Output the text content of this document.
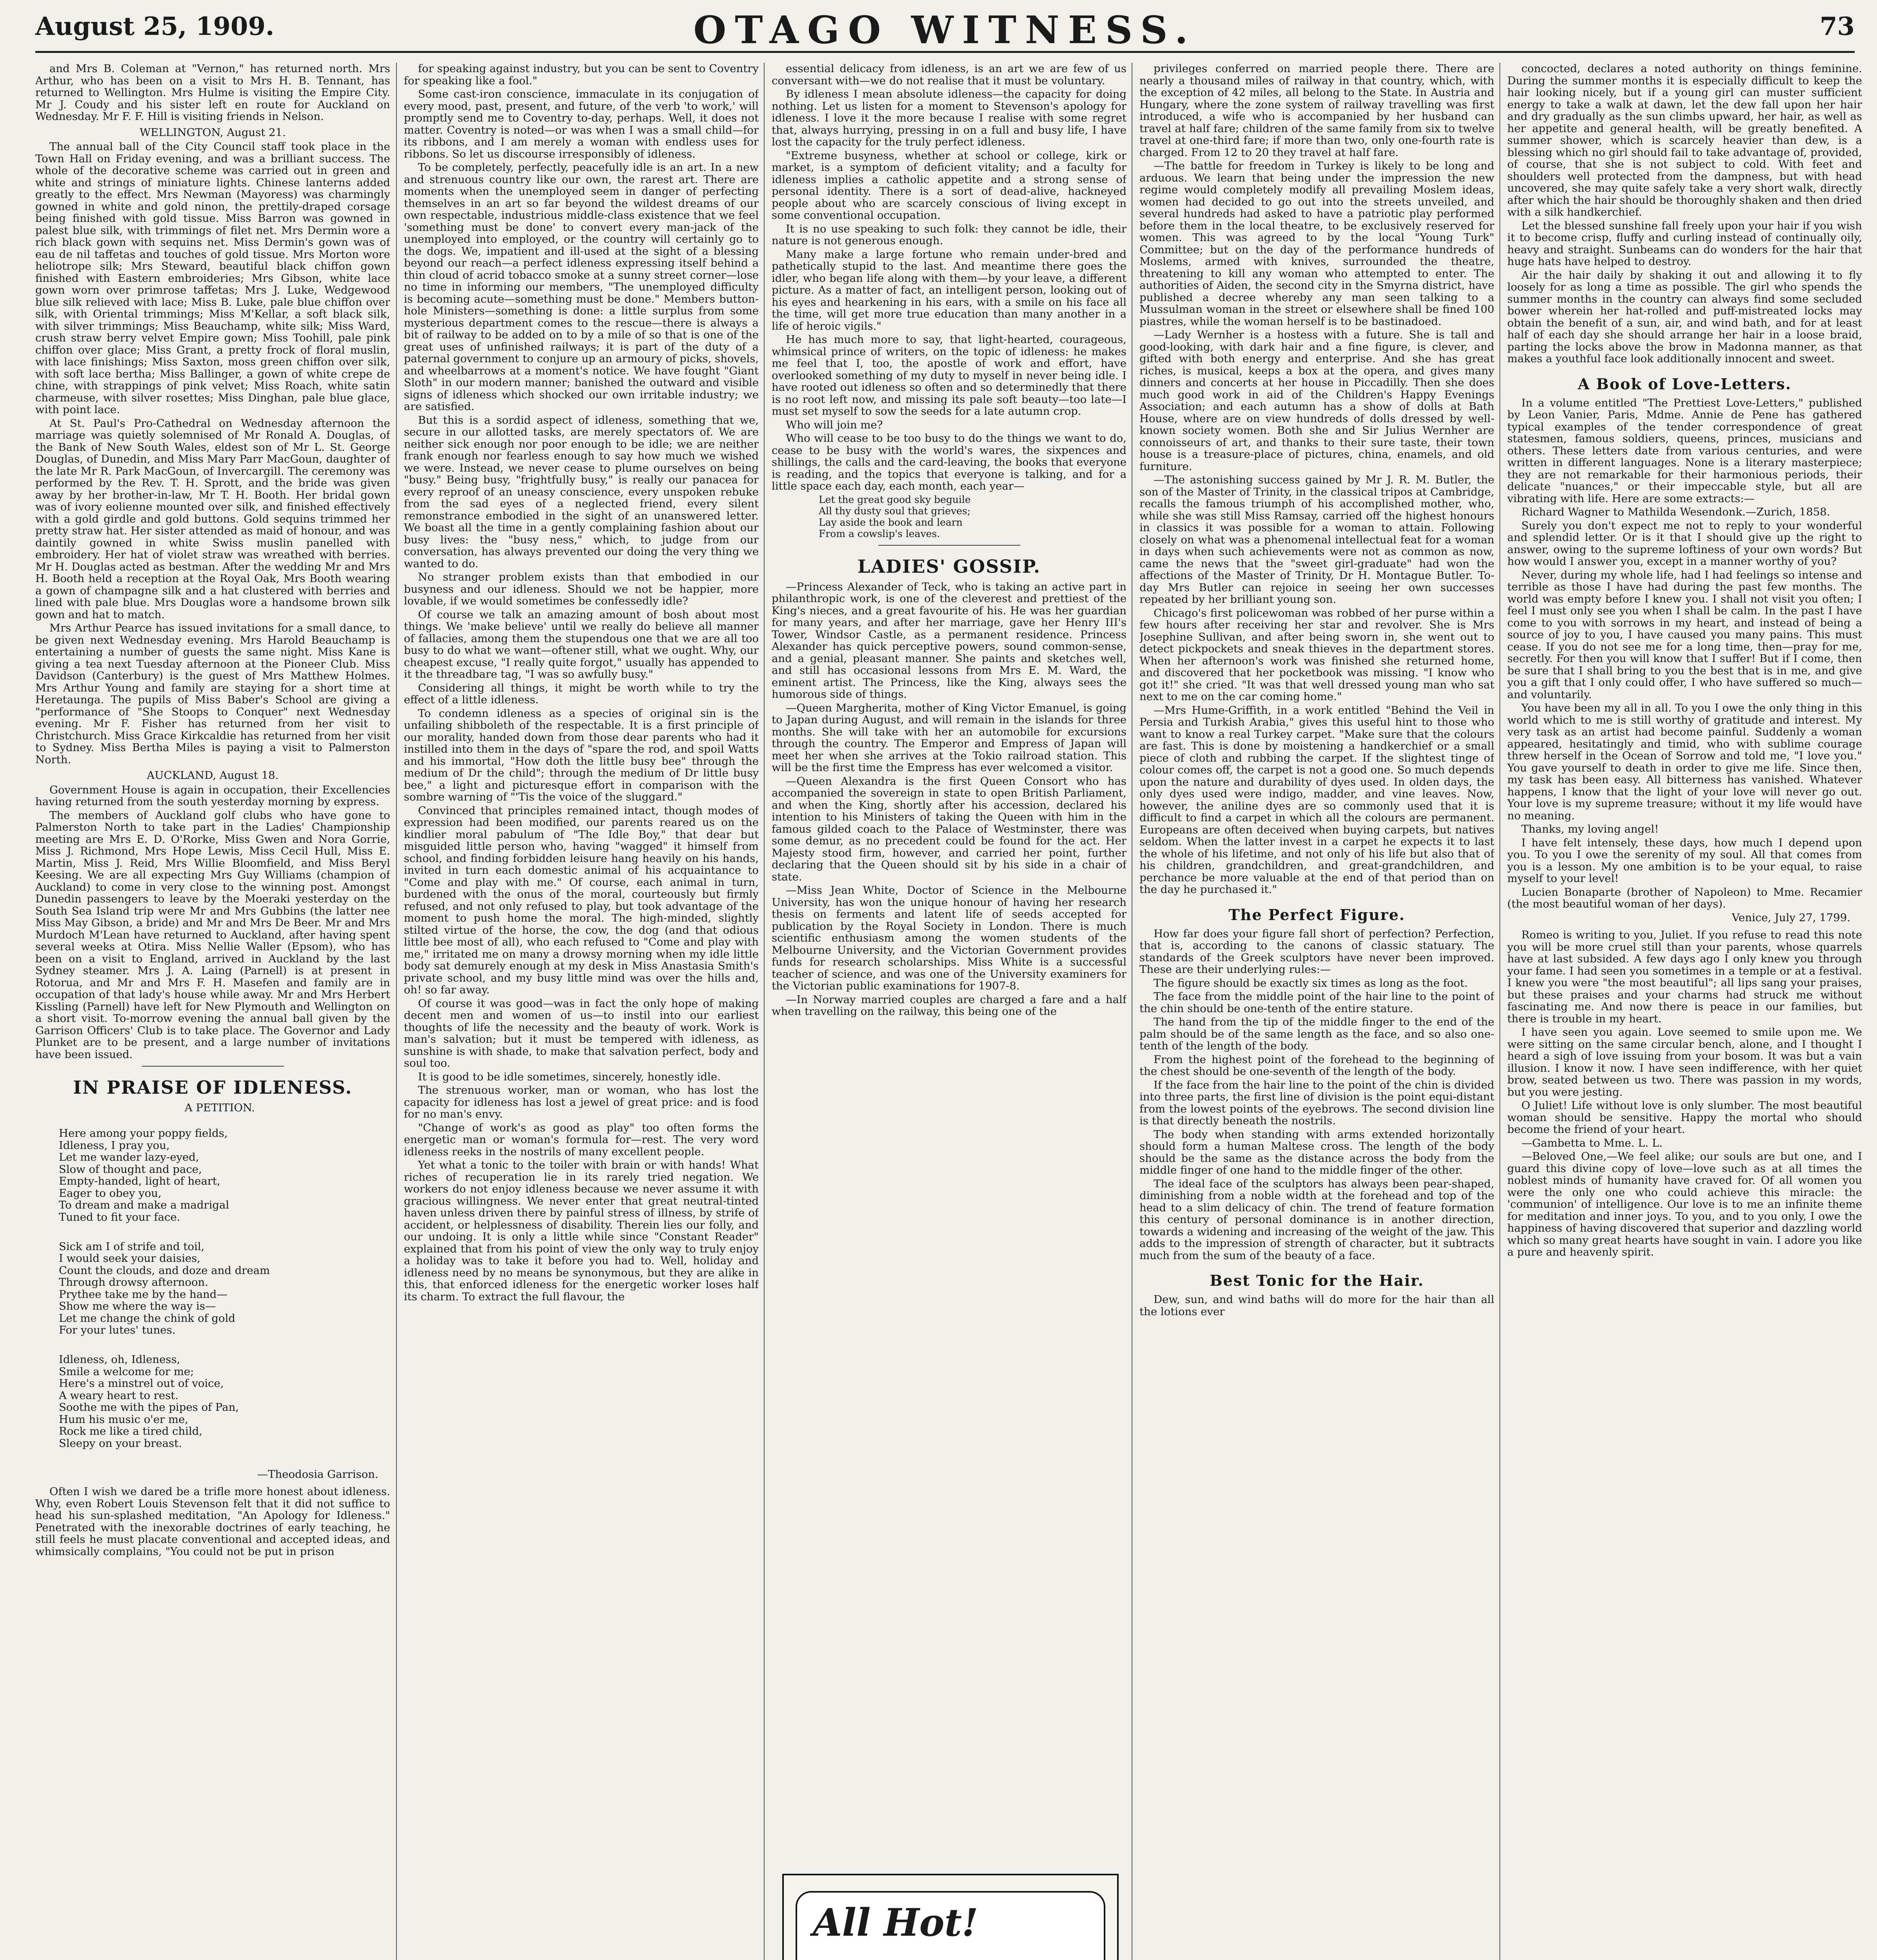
August 25, 1909.	OTAGO WITNESS.	73

and Mrs B. Coleman at "Vernon," has returned north. Mrs Arthur, who has been on a visit to Mrs H. B. Tennant, has returned to Wellington. Mrs Hulme is visiting the Empire City. Mr J. Coudy and his sister left en route for Auckland on Wednesday. Mr F. F. Hill is visiting friends in Nelson.

WELLINGTON, August 21.

The annual ball of the City Council staff took place in the Town Hall on Friday evening, and was a brilliant success. The whole of the decorative scheme was carried out in green and white and strings of miniature lights. Chinese lanterns added greatly to the effect. Mrs Newman (Mayoress) was charmingly gowned in white and gold ninon, the prettily-draped corsage being finished with gold tissue. Miss Barron was gowned in palest blue silk, with trimmings of filet net. Mrs Dermin wore a rich black gown with sequins net. Miss Dermin's gown was of eau de nil taffetas and touches of gold tissue. Mrs Morton wore heliotrope silk; Mrs Steward, beautiful black chiffon gown finished with Eastern embroideries; Mrs Gibson, white lace gown worn over primrose taffetas; Mrs J. Luke, Wedgewood blue silk relieved with lace; Miss B. Luke, pale blue chiffon over silk, with Oriental trimmings; Miss M'Kellar, a soft black silk, with silver trimmings; Miss Beauchamp, white silk; Miss Ward, crush straw berry velvet Empire gown; Miss Toohill, pale pink chiffon over glace; Miss Grant, a pretty frock of floral muslin, with lace finishings; Miss Saxton, moss green chiffon over silk, with soft lace bertha; Miss Ballinger, a gown of white crepe de chine, with strappings of pink velvet; Miss Roach, white satin charmeuse, with silver rosettes; Miss Dinghan, pale blue glace, with point lace.

At St. Paul's Pro-Cathedral on Wednesday afternoon the marriage was quietly solemnised of Mr Ronald A. Douglas, of the Bank of New South Wales, eldest son of Mr L. St. George Douglas, of Dunedin, and Miss Mary Parr MacGoun, daughter of the late Mr R. Park MacGoun, of Invercargill. The ceremony was performed by the Rev. T. H. Sprott, and the bride was given away by her brother-in-law, Mr T. H. Booth. Her bridal gown was of ivory eolienne mounted over silk, and finished effectively with a gold girdle and gold buttons. Gold sequins trimmed her pretty straw hat. Her sister attended as maid of honour, and was daintily gowned in white Swiss muslin panelled with embroidery. Her hat of violet straw was wreathed with berries. Mr H. Douglas acted as bestman. After the wedding Mr and Mrs H. Booth held a reception at the Royal Oak, Mrs Booth wearing a gown of champagne silk and a hat clustered with berries and lined with pale blue. Mrs Douglas wore a handsome brown silk gown and hat to match.

Mrs Arthur Pearce has issued invitations for a small dance, to be given next Wednesday evening. Mrs Harold Beauchamp is entertaining a number of guests the same night. Miss Kane is giving a tea next Tuesday afternoon at the Pioneer Club. Miss Davidson (Canterbury) is the guest of Mrs Matthew Holmes. Mrs Arthur Young and family are staying for a short time at Heretaunga. The pupils of Miss Baber's School are giving a "performance of "She Stoops to Conquer" next Wednesday evening. Mr F. Fisher has returned from her visit to Christchurch. Miss Grace Kirkcaldie has returned from her visit to Sydney. Miss Bertha Miles is paying a visit to Palmerston North.

AUCKLAND, August 18.

Government House is again in occupation, their Excellencies having returned from the south yesterday morning by express.

The members of Auckland golf clubs who have gone to Palmerston North to take part in the Ladies' Championship meeting are Mrs E. D. O'Rorke, Miss Gwen and Nora Gorrie, Miss J. Richmond, Mrs Hope Lewis, Miss Cecil Hull, Miss E. Martin, Miss J. Reid, Mrs Willie Bloomfield, and Miss Beryl Keesing. We are all expecting Mrs Guy Williams (champion of Auckland) to come in very close to the winning post. Amongst Dunedin passengers to leave by the Moeraki yesterday on the South Sea Island trip were Mr and Mrs Gubbins (the latter nee Miss May Gibson, a bride) and Mr and Mrs De Beer. Mr and Mrs Murdoch M'Lean have returned to Auckland, after having spent several weeks at Otira. Miss Nellie Waller (Epsom), who has been on a visit to England, arrived in Auckland by the last Sydney steamer. Mrs J. A. Laing (Parnell) is at present in Rotorua, and Mr and Mrs F. H. Masefen and family are in occupation of that lady's house while away. Mr and Mrs Herbert Kissling (Parnell) have left for New Plymouth and Wellington on a short visit. To-morrow evening the annual ball given by the Garrison Officers' Club is to take place. The Governor and Lady Plunket are to be present, and a large number of invitations have been issued.

IN PRAISE OF IDLENESS.

A PETITION.

Here among your poppy fields,
Idleness, I pray you,
Let me wander lazy-eyed,
Slow of thought and pace,
Empty-handed, light of heart,
Eager to obey you,
To dream and make a madrigal
Tuned to fit your face.

Sick am I of strife and toil,
I would seek your daisies,
Count the clouds, and doze and dream
Through drowsy afternoon.
Prythee take me by the hand—
Show me where the way is—
Let me change the chink of gold
For your lutes' tunes.

Idleness, oh, Idleness,
Smile a welcome for me;
Here's a minstrel out of voice,
A weary heart to rest.
Soothe me with the pipes of Pan,
Hum his music o'er me,
Rock me like a tired child,
Sleepy on your breast.

—Theodosia Garrison.

Often I wish we dared be a trifle more honest about idleness. Why, even Robert Louis Stevenson felt that it did not suffice to head his sun-splashed meditation, "An Apology for Idleness." Penetrated with the inexorable doctrines of early teaching, he still feels he must placate conventional and accepted ideas, and whimsically complains, "You could not be put in prison

for speaking against industry, but you can be sent to Coventry for speaking like a fool."

Some cast-iron conscience, immaculate in its conjugation of every mood, past, present, and future, of the verb 'to work,' will promptly send me to Coventry to-day, perhaps. Well, it does not matter. Coventry is noted—or was when I was a small child—for its ribbons, and I am merely a woman with endless uses for ribbons. So let us discourse irresponsibly of idleness.

To be completely, perfectly, peacefully idle is an art. In a new and strenuous country like our own, the rarest art. There are moments when the unemployed seem in danger of perfecting themselves in an art so far beyond the wildest dreams of our own respectable, industrious middle-class existence that we feel 'something must be done' to convert every man-jack of the unemployed into employed, or the country will certainly go to the dogs. We, impatient and ill-used at the sight of a blessing beyond our reach—a perfect idleness expressing itself behind a thin cloud of acrid tobacco smoke at a sunny street corner—lose no time in informing our members, "The unemployed difficulty is becoming acute—something must be done." Members button-hole Ministers—something is done: a little surplus from some mysterious department comes to the rescue—there is always a bit of railway to be added on to by a mile of so that is one of the great uses of unfinished railways; it is part of the duty of a paternal government to conjure up an armoury of picks, shovels, and wheelbarrows at a moment's notice. We have fought "Giant Sloth" in our modern manner; banished the outward and visible signs of idleness which shocked our own irritable industry; we are satisfied.

But this is a sordid aspect of idleness, something that we, secure in our allotted tasks, are merely spectators of. We are neither sick enough nor poor enough to be idle; we are neither frank enough nor fearless enough to say how much we wished we were. Instead, we never cease to plume ourselves on being "busy." Being busy, "frightfully busy," is really our panacea for every reproof of an uneasy conscience, every unspoken rebuke from the sad eyes of a neglected friend, every silent remonstrance embodied in the sight of an unanswered letter. We boast all the time in a gently complaining fashion about our busy lives: the "busy ness," which, to judge from our conversation, has always prevented our doing the very thing we wanted to do.

No stranger problem exists than that embodied in our busyness and our idleness. Should we not be happier, more lovable, if we would sometimes be confessedly idle?

Of course we talk an amazing amount of bosh about most things. We 'make believe' until we really do believe all manner of fallacies, among them the stupendous one that we are all too busy to do what we want—oftener still, what we ought. Why, our cheapest excuse, "I really quite forgot," usually has appended to it the threadbare tag, "I was so awfully busy."

Considering all things, it might be worth while to try the effect of a little idleness.

To condemn idleness as a species of original sin is the unfailing shibboleth of the respectable. It is a first principle of our morality, handed down from those dear parents who had it instilled into them in the days of "spare the rod, and spoil Watts and his immortal, "How doth the little busy bee" through the medium of Dr the child"; through the medium of Dr little busy bee," a light and picturesque effort in comparison with the sombre warning of "'Tis the voice of the sluggard."

Convinced that principles remained intact, though modes of expression had been modified, our parents reared us on the kindlier moral pabulum of "The Idle Boy," that dear but misguided little person who, having "wagged" it himself from school, and finding forbidden leisure hang heavily on his hands, invited in turn each domestic animal of his acquaintance to "Come and play with me." Of course, each animal in turn, burdened with the onus of the moral, courteously but firmly refused, and not only refused to play, but took advantage of the moment to push home the moral. The high-minded, slightly stilted virtue of the horse, the cow, the dog (and that odious little bee most of all), who each refused to "Come and play with me," irritated me on many a drowsy morning when my idle little body sat demurely enough at my desk in Miss Anastasia Smith's private school, and my busy little mind was over the hills and, oh! so far away.

Of course it was good—was in fact the only hope of making decent men and women of us—to instil into our earliest thoughts of life the necessity and the beauty of work. Work is man's salvation; but it must be tempered with idleness, as sunshine is with shade, to make that salvation perfect, body and soul too.

It is good to be idle sometimes, sincerely, honestly idle.

The strenuous worker, man or woman, who has lost the capacity for idleness has lost a jewel of great price: and is food for no man's envy.

"Change of work's as good as play" too often forms the energetic man or woman's formula for—rest. The very word idleness reeks in the nostrils of many excellent people.

Yet what a tonic to the toiler with brain or with hands! What riches of recuperation lie in its rarely tried negation. We workers do not enjoy idleness because we never assume it with gracious willingness. We never enter that great neutral-tinted haven unless driven there by painful stress of illness, by strife of accident, or helplessness of disability. Therein lies our folly, and our undoing. It is only a little while since "Constant Reader" explained that from his point of view the only way to truly enjoy a holiday was to take it before you had to. Well, holiday and idleness need by no means be synonymous, but they are alike in this, that enforced idleness for the energetic worker loses half its charm. To extract the full flavour, the

essential delicacy from idleness, is an art we are few of us conversant with—we do not realise that it must be voluntary.

By idleness I mean absolute idleness—the capacity for doing nothing. Let us listen for a moment to Stevenson's apology for idleness. I love it the more because I realise with some regret that, always hurrying, pressing in on a full and busy life, I have lost the capacity for the truly perfect idleness.

"Extreme busyness, whether at school or college, kirk or market, is a symptom of deficient vitality; and a faculty for idleness implies a catholic appetite and a strong sense of personal identity. There is a sort of dead-alive, hackneyed people about who are scarcely conscious of living except in some conventional occupation.

It is no use speaking to such folk: they cannot be idle, their nature is not generous enough.

Many make a large fortune who remain under-bred and pathetically stupid to the last. And meantime there goes the idler, who began life along with them—by your leave, a different picture. As a matter of fact, an intelligent person, looking out of his eyes and hearkening in his ears, with a smile on his face all the time, will get more true education than many another in a life of heroic vigils."

He has much more to say, that light-hearted, courageous, whimsical prince of writers, on the topic of idleness: he makes me feel that I, too, the apostle of work and effort, have overlooked something of my duty to myself in never being idle. I have rooted out idleness so often and so determinedly that there is no root left now, and missing its pale soft beauty—too late—I must set myself to sow the seeds for a late autumn crop.

Who will join me?

Who will cease to be too busy to do the things we want to do, cease to be busy with the world's wares, the sixpences and shillings, the calls and the card-leaving, the books that everyone is reading, and the topics that everyone is talking, and for a little space each day, each month, each year—

Let the great good sky beguile
All thy dusty soul that grieves;
Lay aside the book and learn
From a cowslip's leaves.
LADIES' GOSSIP.

—Princess Alexander of Teck, who is taking an active part in philanthropic work, is one of the cleverest and prettiest of the King's nieces, and a great favourite of his. He was her guardian for many years, and after her marriage, gave her Henry III's Tower, Windsor Castle, as a permanent residence. Princess Alexander has quick perceptive powers, sound common-sense, and a genial, pleasant manner. She paints and sketches well, and still has occasional lessons from Mrs E. M. Ward, the eminent artist. The Princess, like the King, always sees the humorous side of things.

—Queen Margherita, mother of King Victor Emanuel, is going to Japan during August, and will remain in the islands for three months. She will take with her an automobile for excursions through the country. The Emperor and Empress of Japan will meet her when she arrives at the Tokio railroad station. This will be the first time the Empress has ever welcomed a visitor.

—Queen Alexandra is the first Queen Consort who has accompanied the sovereign in state to open British Parliament, and when the King, shortly after his accession, declared his intention to his Ministers of taking the Queen with him in the famous gilded coach to the Palace of Westminster, there was some demur, as no precedent could be found for the act. Her Majesty stood firm, however, and carried her point, further declaring that the Queen should sit by his side in a chair of state.

—Miss Jean White, Doctor of Science in the Melbourne University, has won the unique honour of having her research thesis on ferments and latent life of seeds accepted for publication by the Royal Society in London. There is much scientific enthusiasm among the women students of the Melbourne University, and the Victorian Government provides funds for research scholarships. Miss White is a successful teacher of science, and was one of the University examiners for the Victorian public examinations for 1907-8.

—In Norway married couples are charged a fare and a half when travelling on the railway, this being one of the

All Hot!

privileges conferred on married people there. There are nearly a thousand miles of railway in that country, which, with the exception of 42 miles, all belong to the State. In Austria and Hungary, where the zone system of railway travelling was first introduced, a wife who is accompanied by her husband can travel at half fare; children of the same family from six to twelve travel at one-third fare; if more than two, only one-fourth rate is charged. From 12 to 20 they travel at half fare.

—The battle for freedom in Turkey is likely to be long and arduous. We learn that being under the impression the new regime would completely modify all prevailing Moslem ideas, women had decided to go out into the streets unveiled, and several hundreds had asked to have a patriotic play performed before them in the local theatre, to be exclusively reserved for women. This was agreed to by the local "Young Turk" Committee; but on the day of the performance hundreds of Moslems, armed with knives, surrounded the theatre, threatening to kill any woman who attempted to enter. The authorities of Aiden, the second city in the Smyrna district, have published a decree whereby any man seen talking to a Mussulman woman in the street or elsewhere shall be fined 100 piastres, while the woman herself is to be bastinadoed.

—Lady Wernher is a hostess with a future. She is tall and good-looking, with dark hair and a fine figure, is clever, and gifted with both energy and enterprise. And she has great riches, is musical, keeps a box at the opera, and gives many dinners and concerts at her house in Piccadilly. Then she does much good work in aid of the Children's Happy Evenings Association; and each autumn has a show of dolls at Bath House, where are on view hundreds of dolls dressed by well-known society women. Both she and Sir Julius Wernher are connoisseurs of art, and thanks to their sure taste, their town house is a treasure-place of pictures, china, enamels, and old furniture.

—The astonishing success gained by Mr J. R. M. Butler, the son of the Master of Trinity, in the classical tripos at Cambridge, recalls the famous triumph of his accomplished mother, who, while she was still Miss Ramsay, carried off the highest honours in classics it was possible for a woman to attain. Following closely on what was a phenomenal intellectual feat for a woman in days when such achievements were not as common as now, came the news that the "sweet girl-graduate" had won the affections of the Master of Trinity, Dr H. Montague Butler. To-day Mrs Butler can rejoice in seeing her own successes repeated by her brilliant young son.

Chicago's first policewoman was robbed of her purse within a few hours after receiving her star and revolver. She is Mrs Josephine Sullivan, and after being sworn in, she went out to detect pickpockets and sneak thieves in the department stores. When her afternoon's work was finished she returned home, and discovered that her pocketbook was missing. "I know who got it!" she cried. "It was that well dressed young man who sat next to me on the car coming home."

—Mrs Hume-Griffith, in a work entitled "Behind the Veil in Persia and Turkish Arabia," gives this useful hint to those who want to know a real Turkey carpet. "Make sure that the colours are fast. This is done by moistening a handkerchief or a small piece of cloth and rubbing the carpet. If the slightest tinge of colour comes off, the carpet is not a good one. So much depends upon the nature and durability of dyes used. In olden days, the only dyes used were indigo, madder, and vine leaves. Now, however, the aniline dyes are so commonly used that it is difficult to find a carpet in which all the colours are permanent. Europeans are often deceived when buying carpets, but natives seldom. When the latter invest in a carpet he expects it to last the whole of his lifetime, and not only of his life but also that of his children, grandchildren, and great-grandchildren, and perchance be more valuable at the end of that period than on the day he purchased it."

The Perfect Figure.

How far does your figure fall short of perfection? Perfection, that is, according to the canons of classic statuary. The standards of the Greek sculptors have never been improved. These are their underlying rules:—

The figure should be exactly six times as long as the foot.

The face from the middle point of the hair line to the point of the chin should be one-tenth of the entire stature.

The hand from the tip of the middle finger to the end of the palm should be of the same length as the face, and so also one-tenth of the length of the body.

From the highest point of the forehead to the beginning of the chest should be one-seventh of the length of the body.

If the face from the hair line to the point of the chin is divided into three parts, the first line of division is the point equi-distant from the lowest points of the eyebrows. The second division line is that directly beneath the nostrils.

The body when standing with arms extended horizontally should form a human Maltese cross. The length of the body should be the same as the distance across the body from the middle finger of one hand to the middle finger of the other.

The ideal face of the sculptors has always been pear-shaped, diminishing from a noble width at the forehead and top of the head to a slim delicacy of chin. The trend of feature formation this century of personal dominance is in another direction, towards a widening and increasing of the weight of the jaw. This adds to the impression of strength of character, but it subtracts much from the sum of the beauty of a face.

Best Tonic for the Hair.

Dew, sun, and wind baths will do more for the hair than all the lotions ever

concocted, declares a noted authority on things feminine. During the summer months it is especially difficult to keep the hair looking nicely, but if a young girl can muster sufficient energy to take a walk at dawn, let the dew fall upon her hair and dry gradually as the sun climbs upward, her hair, as well as her appetite and general health, will be greatly benefited. A summer shower, which is scarcely heavier than dew, is a blessing which no girl should fail to take advantage of, provided, of course, that she is not subject to cold. With feet and shoulders well protected from the dampness, but with head uncovered, she may quite safely take a very short walk, directly after which the hair should be thoroughly shaken and then dried with a silk handkerchief.

Let the blessed sunshine fall freely upon your hair if you wish it to become crisp, fluffy and curling instead of continually oily, heavy and straight. Sunbeams can do wonders for the hair that huge hats have helped to destroy.

Air the hair daily by shaking it out and allowing it to fly loosely for as long a time as possible. The girl who spends the summer months in the country can always find some secluded bower wherein her hat-rolled and puff-mistreated locks may obtain the benefit of a sun, air, and wind bath, and for at least half of each day she should arrange her hair in a loose braid, parting the locks above the brow in Madonna manner, as that makes a youthful face look additionally innocent and sweet.

A Book of Love-Letters.

In a volume entitled "The Prettiest Love-Letters," published by Leon Vanier, Paris, Mdme. Annie de Pene has gathered typical examples of the tender correspondence of great statesmen, famous soldiers, queens, princes, musicians and others. These letters date from various centuries, and were written in different languages. None is a literary masterpiece; they are not remarkable for their harmonious periods, their delicate "nuances," or their impeccable style, but all are vibrating with life. Here are some extracts:—

Richard Wagner to Mathilda Wesendonk.—Zurich, 1858.

Surely you don't expect me not to reply to your wonderful and splendid letter. Or is it that I should give up the right to answer, owing to the supreme loftiness of your own words? But how would I answer you, except in a manner worthy of you?

Never, during my whole life, had I had feelings so intense and terrible as those I have had during the past few months. The world was empty before I knew you. I shall not visit you often; I feel I must only see you when I shall be calm. In the past I have come to you with sorrows in my heart, and instead of being a source of joy to you, I have caused you many pains. This must cease. If you do not see me for a long time, then—pray for me, secretly. For then you will know that I suffer! But if I come, then be sure that I shall bring to you the best that is in me, and give you a gift that I only could offer, I who have suffered so much—and voluntarily.

You have been my all in all. To you I owe the only thing in this world which to me is still worthy of gratitude and interest. My very task as an artist had become painful. Suddenly a woman appeared, hesitatingly and timid, who with sublime courage threw herself in the Ocean of Sorrow and told me, "I love you." You gave yourself to death in order to give me life. Since then, my task has been easy. All bitterness has vanished. Whatever happens, I know that the light of your love will never go out. Your love is my supreme treasure; without it my life would have no meaning.

Thanks, my loving angel!

I have felt intensely, these days, how much I depend upon you. To you I owe the serenity of my soul. All that comes from you is a lesson. My one ambition is to be your equal, to raise myself to your level!

Lucien Bonaparte (brother of Napoleon) to Mme. Recamier (the most beautiful woman of her days).

Venice, July 27, 1799.

Romeo is writing to you, Juliet. If you refuse to read this note you will be more cruel still than your parents, whose quarrels have at last subsided. A few days ago I only knew you through your fame. I had seen you sometimes in a temple or at a festival. I knew you were "the most beautiful"; all lips sang your praises, but these praises and your charms had struck me without fascinating me. And now there is peace in our families, but there is trouble in my heart.

I have seen you again. Love seemed to smile upon me. We were sitting on the same circular bench, alone, and I thought I heard a sigh of love issuing from your bosom. It was but a vain illusion. I know it now. I have seen indifference, with her quiet brow, seated between us two. There was passion in my words, but you were jesting.

O Juliet! Life without love is only slumber. The most beautiful woman should be sensitive. Happy the mortal who should become the friend of your heart.

—Gambetta to Mme. L. L.

—Beloved One,—We feel alike; our souls are but one, and I guard this divine copy of love—love such as at all times the noblest minds of humanity have craved for. Of all women you were the only one who could achieve this miracle: the 'communion' of intelligence. Our love is to me an infinite theme for meditation and inner joys. To you, and to you only, I owe the happiness of having discovered that superior and dazzling world which so many great hearts have sought in vain. I adore you like a pure and heavenly spirit.
